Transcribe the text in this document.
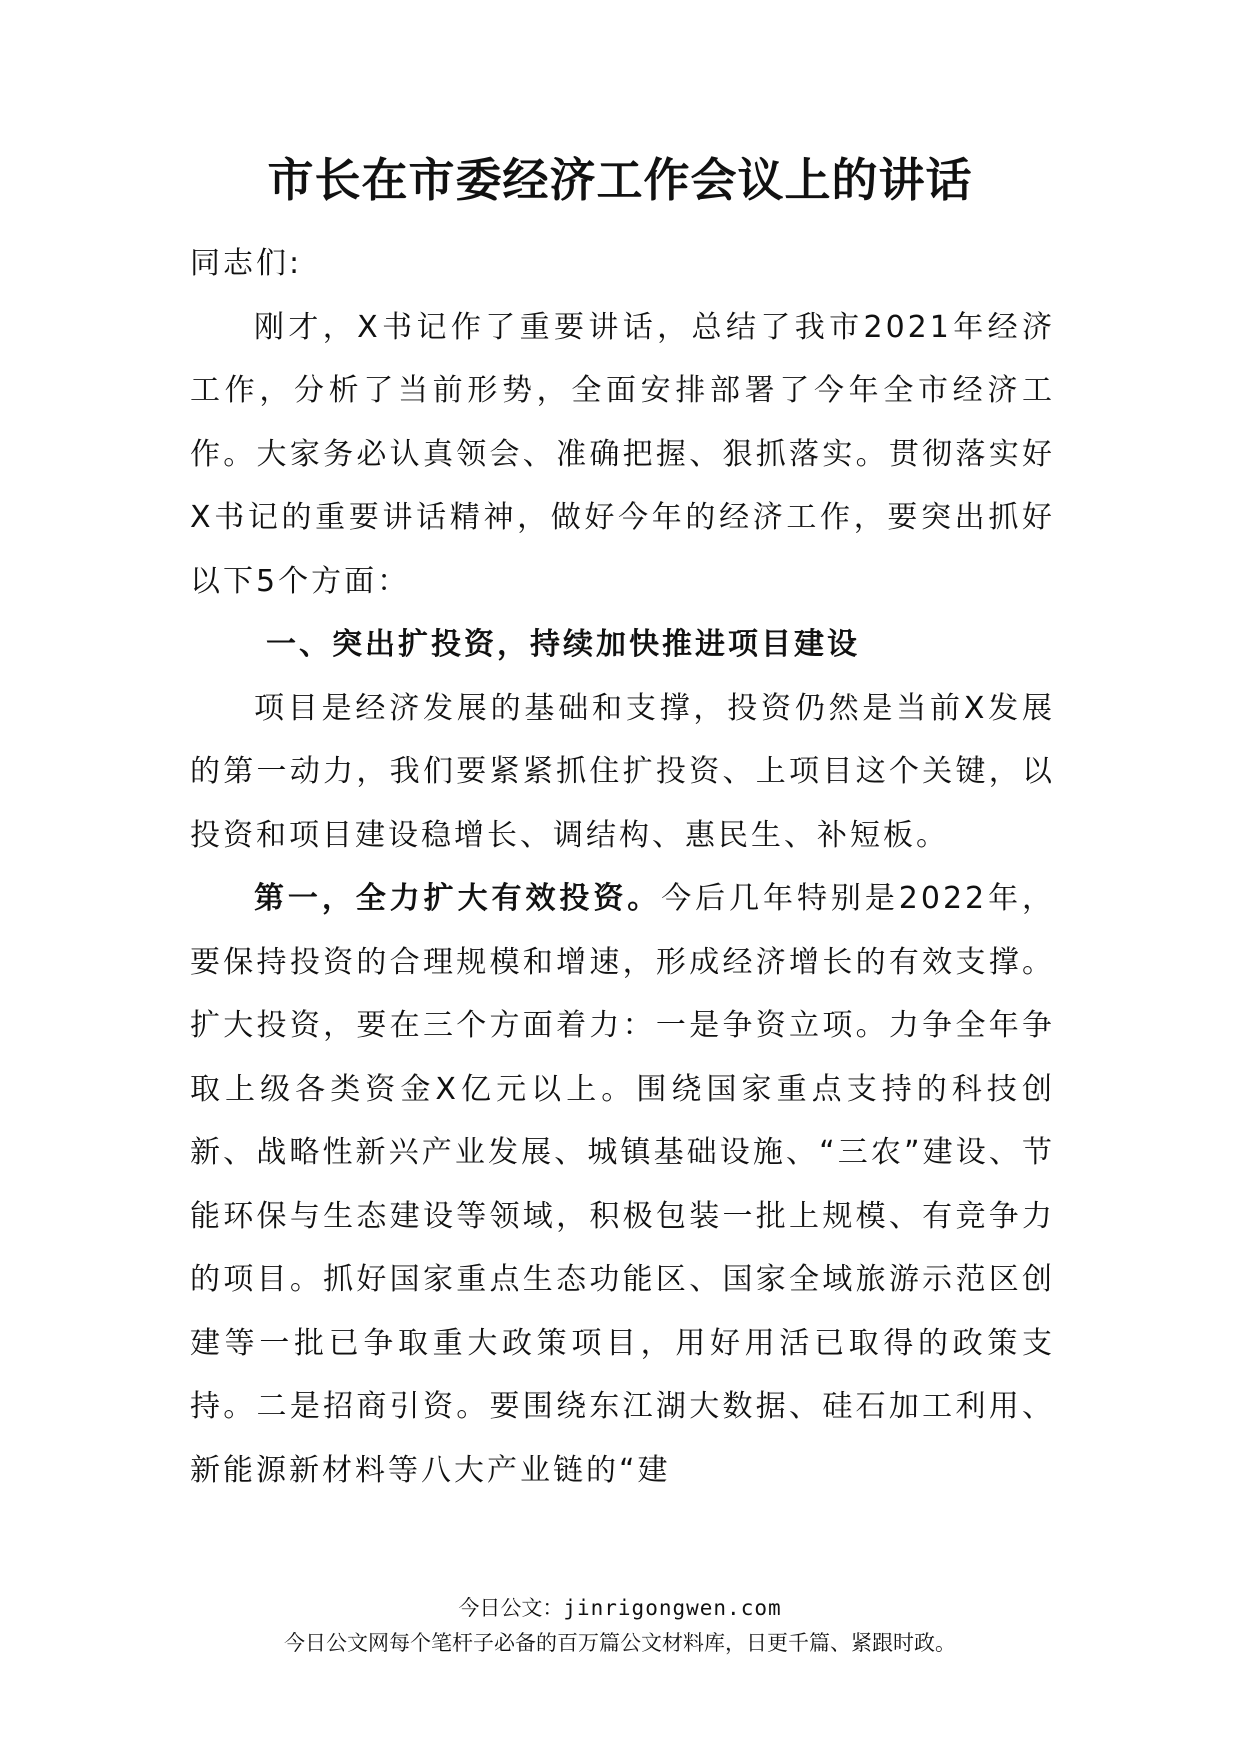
市长在市委经济工作会议上的讲话

同志们:

刚才，X书记作了重要讲话，总结了我市2021年经济工作，分析了当前形势，全面安排部署了今年全市经济工作。大家务必认真领会、准确把握、狠抓落实。贯彻落实好X书记的重要讲话精神，做好今年的经济工作，要突出抓好以下5个方面：

一、突出扩投资，持续加快推进项目建设

项目是经济发展的基础和支撑，投资仍然是当前X发展的第一动力，我们要紧紧抓住扩投资、上项目这个关键，以投资和项目建设稳增长、调结构、惠民生、补短板。

第一，全力扩大有效投资。今后几年特别是2022年，要保持投资的合理规模和增速，形成经济增长的有效支撑。扩大投资，要在三个方面着力：一是争资立项。力争全年争取上级各类资金X亿元以上。围绕国家重点支持的科技创新、战略性新兴产业发展、城镇基础设施、“三农”建设、节能环保与生态建设等领域，积极包装一批上规模、有竞争力的项目。抓好国家重点生态功能区、国家全域旅游示范区创建等一批已争取重大政策项目，用好用活已取得的政策支持。二是招商引资。要围绕东江湖大数据、硅石加工利用、新能源新材料等八大产业链的“建

今日公文：jinrigongwen.com
今日公文网每个笔杆子必备的百万篇公文材料库，日更千篇、紧跟时政。
